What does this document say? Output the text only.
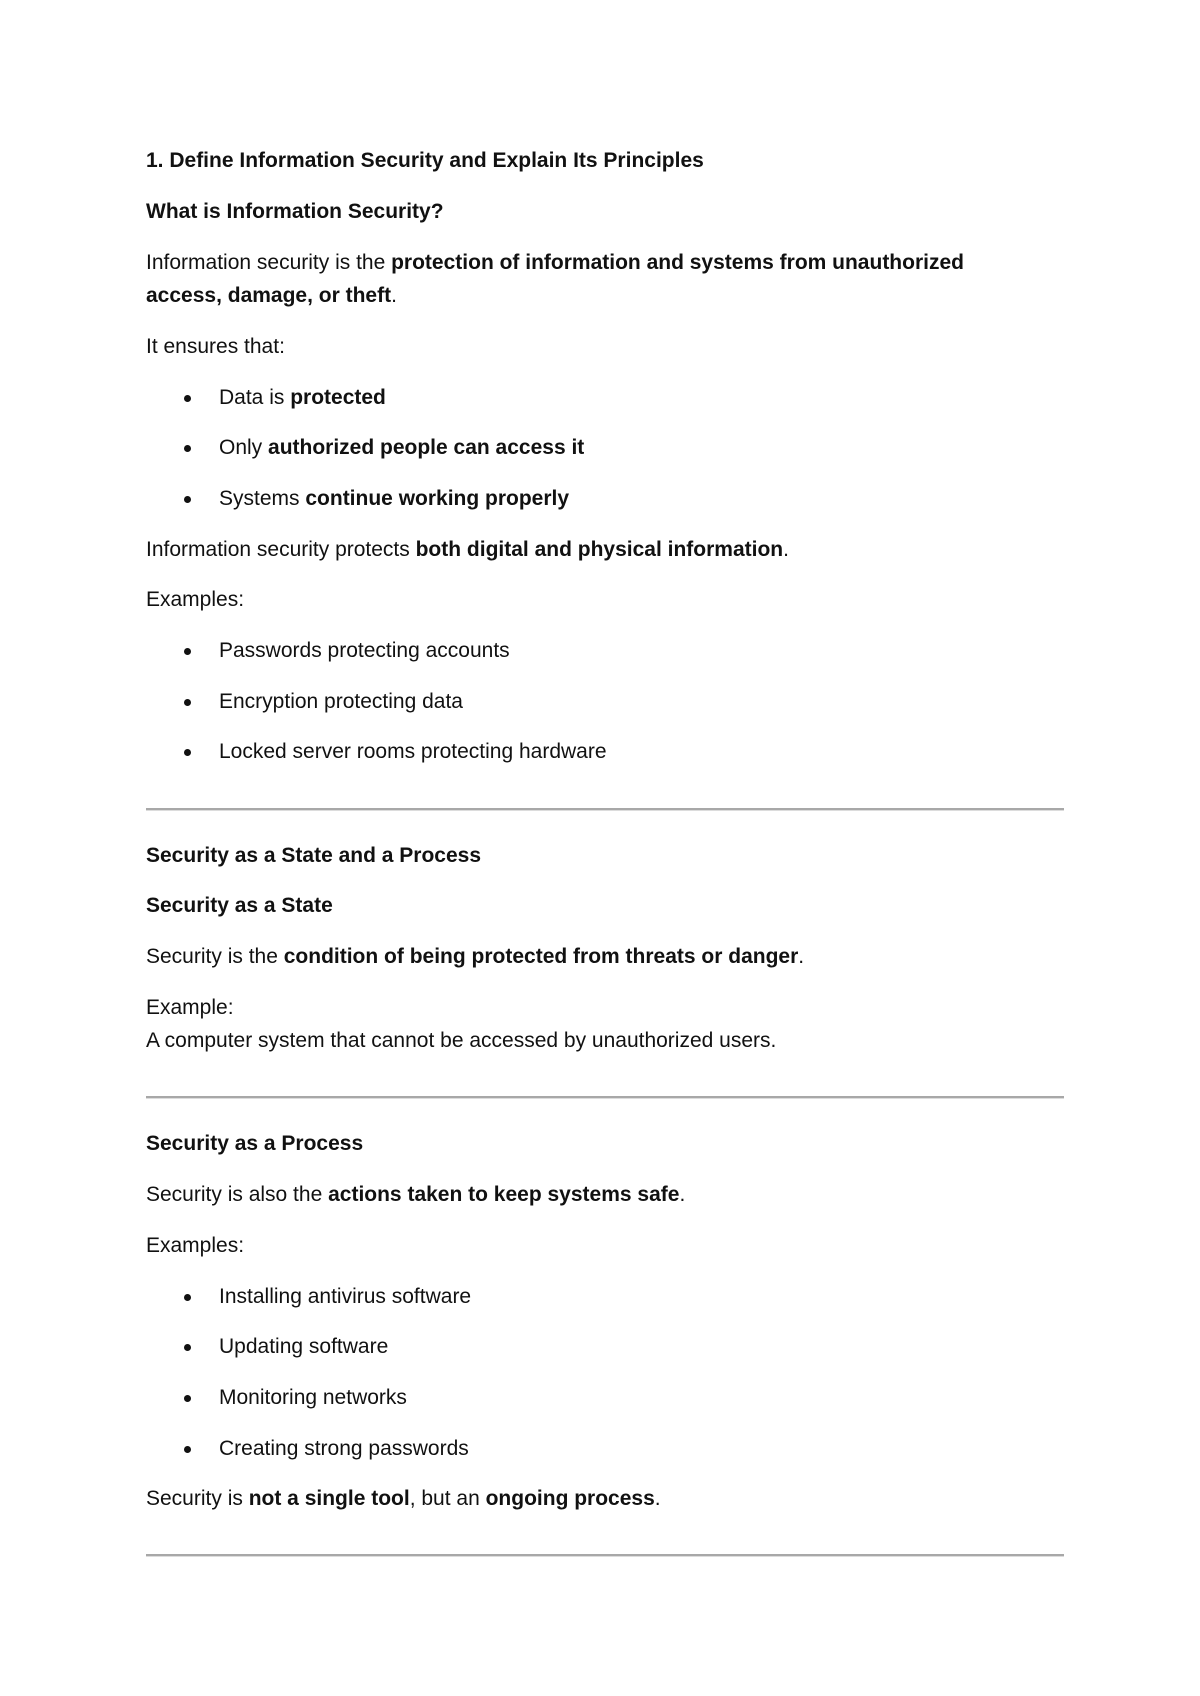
1. Define Information Security and Explain Its Principles
What is Information Security?
Information security is the protection of information and systems from unauthorized
access, damage, or theft.
It ensures that:
Data is protected
Only authorized people can access it
Systems continue working properly
Information security protects both digital and physical information.
Examples:
Passwords protecting accounts
Encryption protecting data
Locked server rooms protecting hardware
Security as a State and a Process
Security as a State
Security is the condition of being protected from threats or danger.
Example:
A computer system that cannot be accessed by unauthorized users.
Security as a Process
Security is also the actions taken to keep systems safe.
Examples:
Installing antivirus software
Updating software
Monitoring networks
Creating strong passwords
Security is not a single tool, but an ongoing process.
